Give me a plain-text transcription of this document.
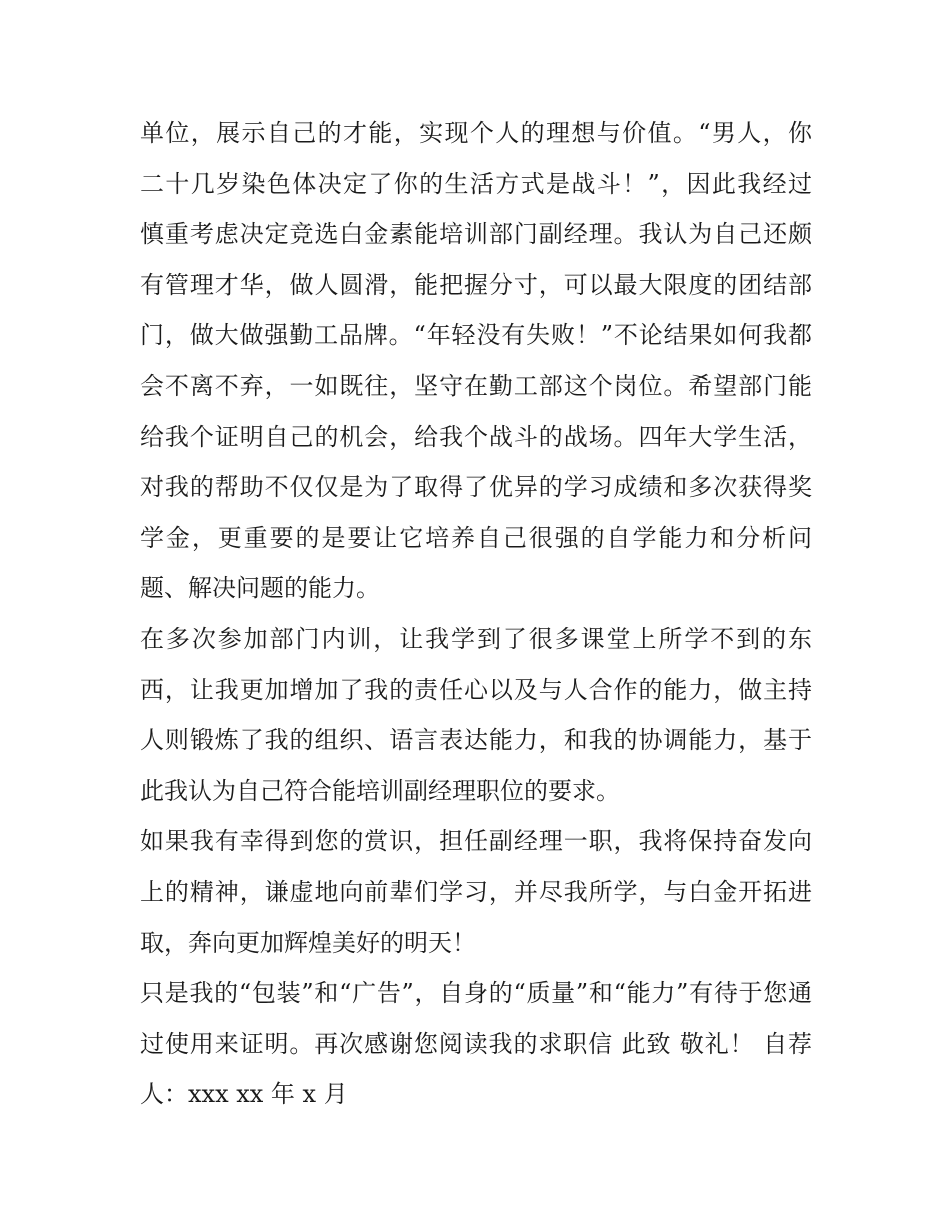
单位，展示自己的才能，实现个人的理想与价值。“男人，你
二十几岁染色体决定了你的生活方式是战斗！”，因此我经过
慎重考虑决定竞选白金素能培训部门副经理。我认为自己还颇
有管理才华，做人圆滑，能把握分寸，可以最大限度的团结部
门，做大做强勤工品牌。“年轻没有失败！”不论结果如何我都
会不离不弃，一如既往，坚守在勤工部这个岗位。希望部门能
给我个证明自己的机会，给我个战斗的战场。四年大学生活，
对我的帮助不仅仅是为了取得了优异的学习成绩和多次获得奖
学金，更重要的是要让它培养自己很强的自学能力和分析问
题、解决问题的能力。
在多次参加部门内训，让我学到了很多课堂上所学不到的东
西，让我更加增加了我的责任心以及与人合作的能力，做主持
人则锻炼了我的组织、语言表达能力，和我的协调能力，基于
此我认为自己符合能培训副经理职位的要求。
如果我有幸得到您的赏识，担任副经理一职，我将保持奋发向
上的精神，谦虚地向前辈们学习，并尽我所学，与白金开拓进
取，奔向更加辉煌美好的明天！
只是我的“包装”和“广告”，自身的“质量”和“能力”有待于您通
过使用来证明。再次感谢您阅读我的求职信 此致 敬礼！ 自荐
人：xxx xx 年 x 月
